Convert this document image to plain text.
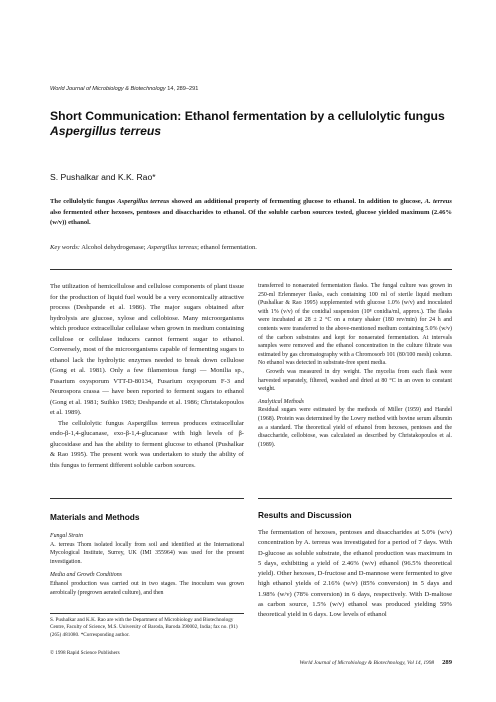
World Journal of Microbiology & Biotechnology 14, 289–291
Short Communication: Ethanol fermentation by a cellulolytic fungus
Aspergillus terreus
S. Pushalkar and K.K. Rao*
The cellulolytic fungus Aspergillus terreus showed an additional property of fermenting glucose to ethanol. In addition to glucose, A. terreus also fermented other hexoses, pentoses and disaccharides to ethanol. Of the soluble carbon sources tested, glucose yielded maximum (2.46% (w/v)) ethanol.
Key words: Alcohol dehydrogenase; Aspergillus terreus; ethanol fermentation.

The utilization of hemicellulose and cellulose components of plant tissue for the production of liquid fuel would be a very economically attractive process (Deshpande et al. 1986). The major sugars obtained after hydrolysis are glucose, xylose and cellobiose. Many microorganisms which produce extracellular cellulase when grown in medium containing cellulose or cellulase inducers cannot ferment sugar to ethanol. Conversely, most of the microorganisms capable of fermenting sugars to ethanol lack the hydrolytic enzymes needed to break down cellulose (Gong et al. 1981). Only a few filamentous fungi — Monilia sp., Fusarium oxysporum VTT-D-80134, Fusarium oxysporum F-3 and Neurospora crassa — have been reported to ferment sugars to ethanol (Gong et al. 1981; Suihko 1983; Deshpande et al. 1986; Christakopoulos et al. 1989).

The cellulolytic fungus Aspergillus terreus produces extracellular endo-β-1,4-glucanase, exo-β-1,4-glucanase with high levels of β-glucosidase and has the ability to ferment glucose to ethanol (Pushalkar & Rao 1995). The present work was undertaken to study the ability of this fungus to ferment different soluble carbon sources.

Materials and Methods

Fungal Strain

A. terreus Thom isolated locally from soil and identified at the International Mycological Institute, Surrey, UK (IMI 355964) was used for the present investigation.

Media and Growth Conditions

Ethanol production was carried out in two stages. The inoculum was grown aerobically (pregrown aerated culture), and then

S. Pushalkar and K.K. Rao are with the Department of Microbiology and Biotechnology Centre, Faculty of Science, M.S. University of Baroda, Baroda 390002, India; fax no. (91) (265) 481080. *Corresponding author.
© 1998 Rapid Science Publishers

transferred to nonaerated fermentation flasks. The fungal culture was grown in 250-ml Erlenmeyer flasks, each containing 100 ml of sterile liquid medium (Pushalkar & Rao 1995) supplemented with glucose 1.0% (w/v) and inoculated with 1% (v/v) of the conidial suspension (10⁸ conidia/ml, approx.). The flasks were incubated at 28 ± 2 °C on a rotary shaker (180 rev/min) for 24 h and contents were transferred to the above-mentioned medium containing 5.0% (w/v) of the carbon substrates and kept for nonaerated fermentation. At intervals samples were removed and the ethanol concentration in the culture filtrate was estimated by gas chromatography with a Chromosorb 101 (80/100 mesh) column. No ethanol was detected in substrate-free spent media.

Growth was measured in dry weight. The mycelia from each flask were harvested separately, filtered, washed and dried at 80 °C in an oven to constant weight.

Analytical Methods

Residual sugars were estimated by the methods of Miller (1959) and Handel (1968). Protein was determined by the Lowry method with bovine serum albumin as a standard. The theoretical yield of ethanol from hexoses, pentoses and the disaccharide, cellobiose, was calculated as described by Christakopoulos et al. (1989).

Results and Discussion
The fermentation of hexoses, pentoses and disaccharides at 5.0% (w/v) concentration by A. terreus was investigated for a period of 7 days. With D-glucose as soluble substrate, the ethanol production was maximum in 5 days, exhibiting a yield of 2.46% (w/v) ethanol (96.5% theoretical yield). Other hexoses, D-fructose and D-mannose were fermented to give high ethanol yields of 2.16% (w/v) (85% conversion) in 5 days and 1.98% (w/v) (78% conversion) in 6 days, respectively. With D-maltose as carbon source, 1.5% (w/v) ethanol was produced yielding 59% theoretical yield in 6 days. Low levels of ethanol
World Journal of Microbiology & Biotechnology, Vol 14, 1998 289
